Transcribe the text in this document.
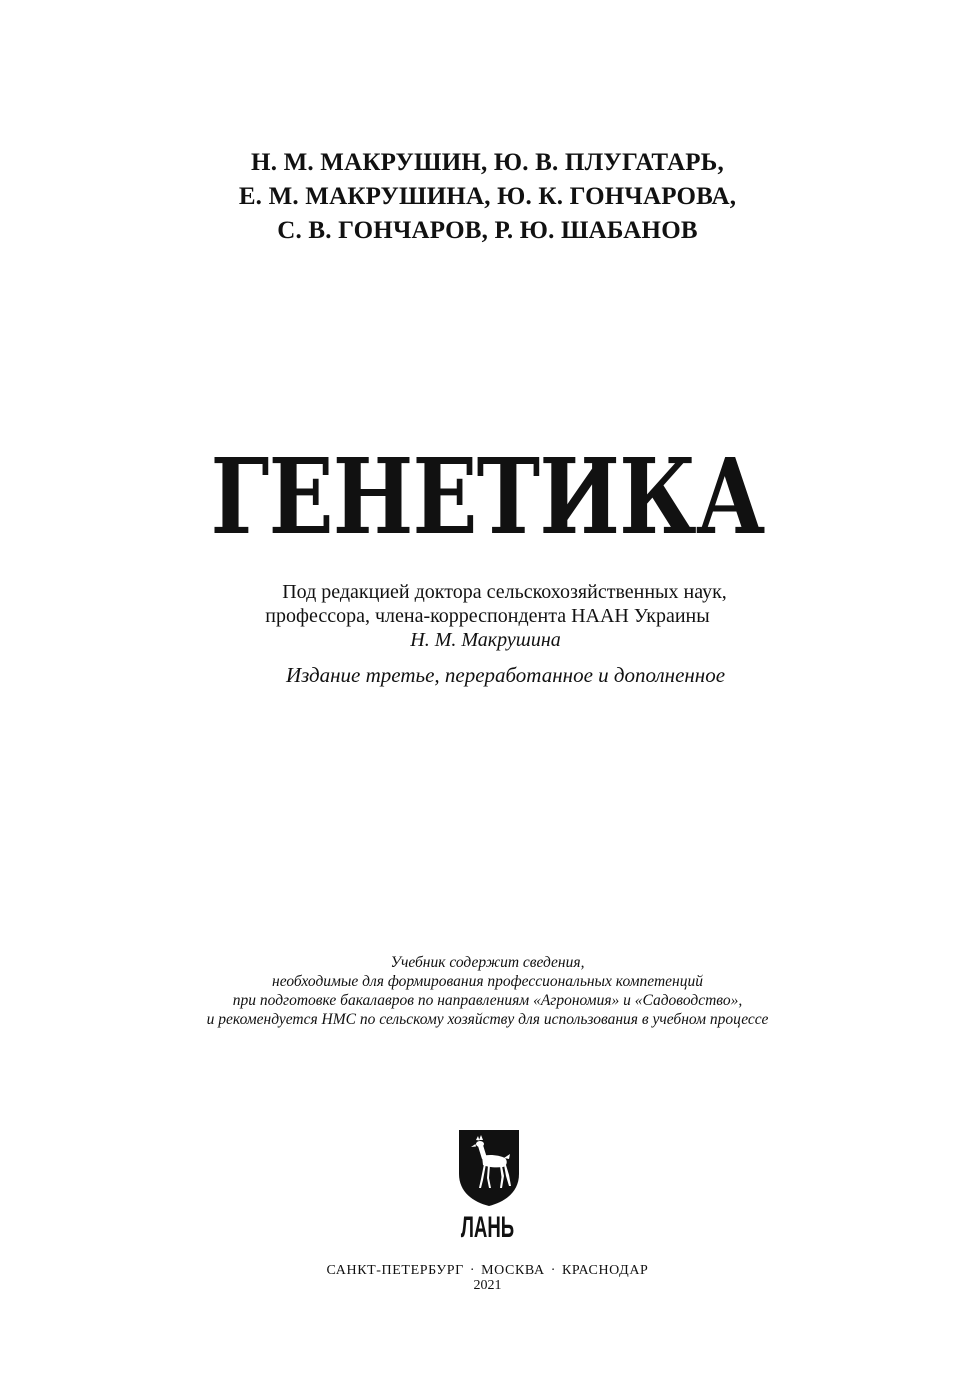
Н. М. МАКРУШИН, Ю. В. ПЛУГАТАРЬ,
Е. М. МАКРУШИНА, Ю. К. ГОНЧАРОВА,
С. В. ГОНЧАРОВ, Р. Ю. ШАБАНОВ
ГЕНЕТИКА
Под редакцией доктора сельскохозяйственных наук,
профессора, члена-корреспондента НААН Украины
Н. М. Макрушина
Издание третье, переработанное и дополненное
Учебник содержит сведения,
необходимые для формирования профессиональных компетенций
при подготовке бакалавров по направлениям «Агрономия» и «Садоводство»,
и рекомендуется НМС по сельскому хозяйству для использования в учебном процессе
ЛАНЬ
САНКТ-ПЕТЕРБУРГ · МОСКВА · КРАСНОДАР
2021
